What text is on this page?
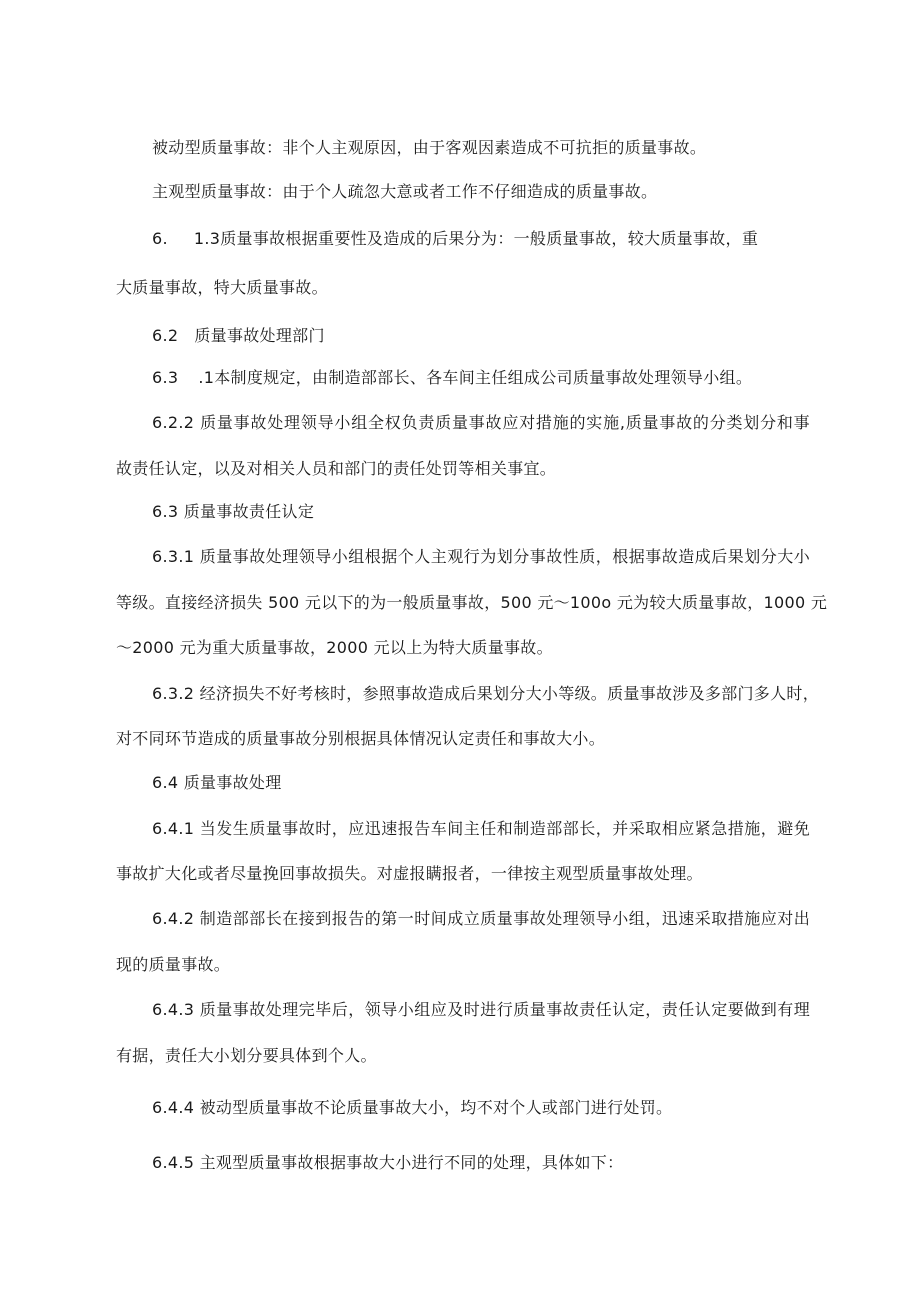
被动型质量事故：非个人主观原因，由于客观因素造成不可抗拒的质量事故。

主观型质量事故：由于个人疏忽大意或者工作不仔细造成的质量事故。

6. 1.3质量事故根据重要性及造成的后果分为：一般质量事故，较大质量事故，重

大质量事故，特大质量事故。

6.2 质量事故处理部门

6.3 .1本制度规定，由制造部部长、各车间主任组成公司质量事故处理领导小组。

6.2.2 质量事故处理领导小组全权负责质量事故应对措施的实施,质量事故的分类划分和事

故责任认定，以及对相关人员和部门的责任处罚等相关事宜。

6.3 质量事故责任认定

6.3.1 质量事故处理领导小组根据个人主观行为划分事故性质，根据事故造成后果划分大小

等级。直接经济损失 500 元以下的为一般质量事故，500 元～100o 元为较大质量事故，1000 元

～2000 元为重大质量事故，2000 元以上为特大质量事故。

6.3.2 经济损失不好考核时，参照事故造成后果划分大小等级。质量事故涉及多部门多人时，

对不同环节造成的质量事故分别根据具体情况认定责任和事故大小。

6.4 质量事故处理

6.4.1 当发生质量事故时，应迅速报告车间主任和制造部部长，并采取相应紧急措施，避免

事故扩大化或者尽量挽回事故损失。对虚报瞒报者，一律按主观型质量事故处理。

6.4.2 制造部部长在接到报告的第一时间成立质量事故处理领导小组，迅速采取措施应对出

现的质量事故。

6.4.3 质量事故处理完毕后，领导小组应及时进行质量事故责任认定，责任认定要做到有理

有据，责任大小划分要具体到个人。

6.4.4 被动型质量事故不论质量事故大小，均不对个人或部门进行处罚。

6.4.5 主观型质量事故根据事故大小进行不同的处理，具体如下：
